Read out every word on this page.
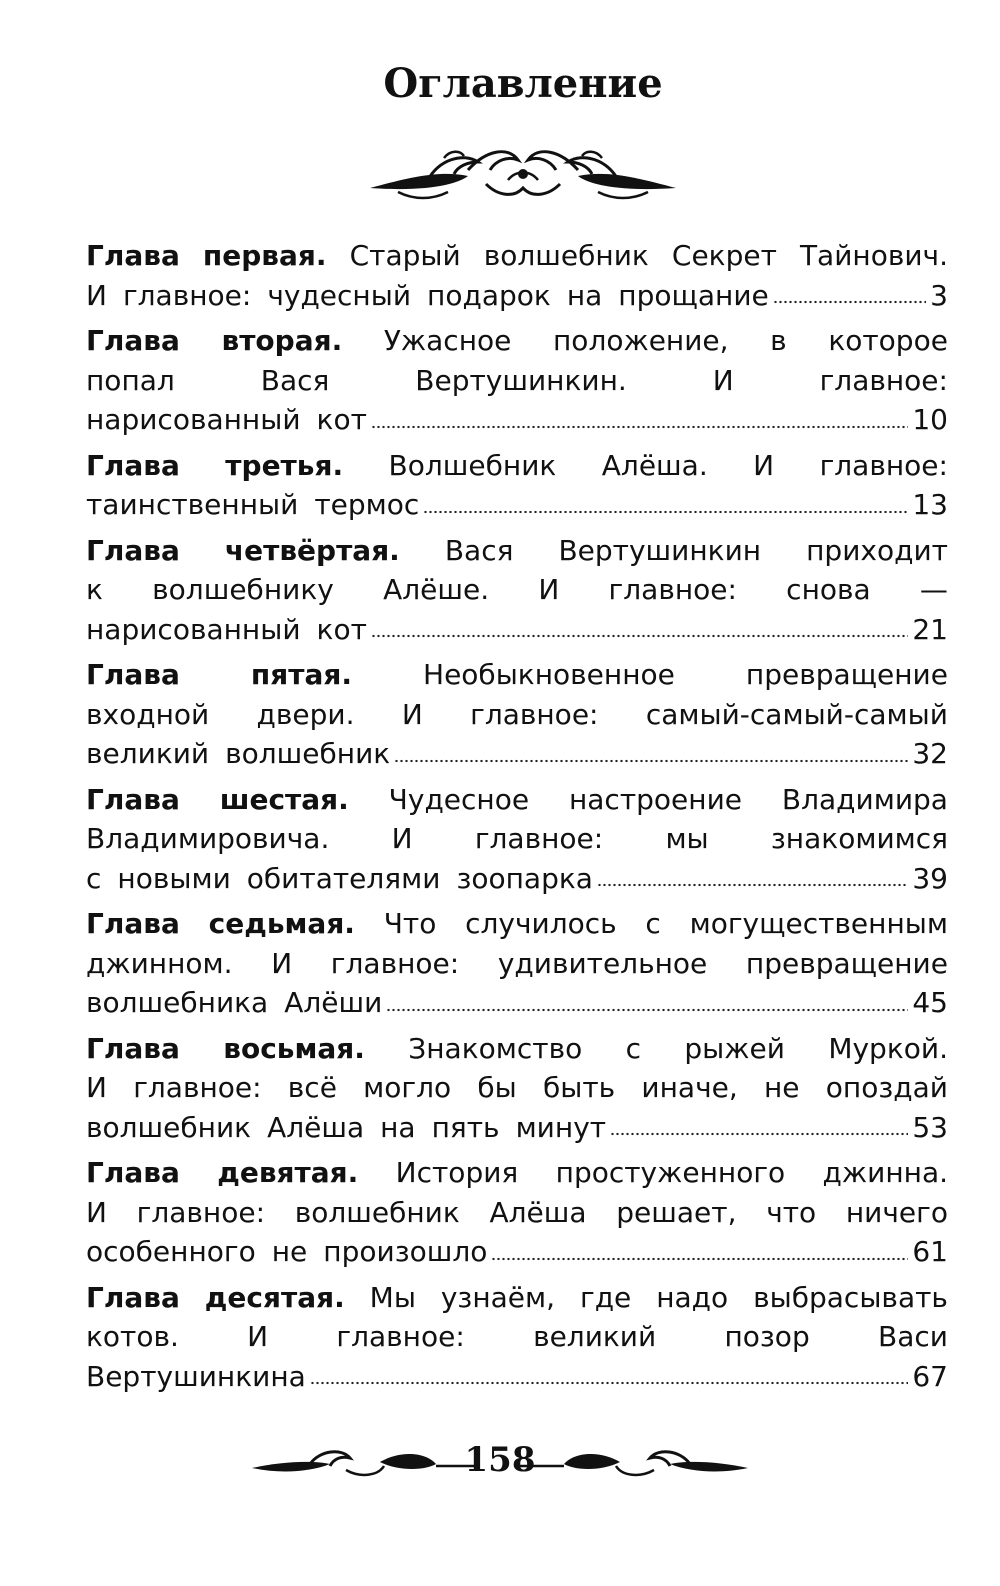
Оглавление
Глава первая. Старый волшебник Секрет Тайнович.
И главное: чудесный подарок на прощание	3
Глава вторая. Ужасное положение, в которое
попал	Вася	Вертушинкин.	И	главное:
нарисованный кот	10
Глава третья. Волшебник Алёша. И главное:
таинственный термос	13
Глава четвёртая. Вася Вертушинкин приходит
к волшебнику Алёше. И главное: снова —
нарисованный кот	21
Глава	пятая.	Необыкновенное	превращение
входной двери. И главное: самый-самый-самый
великий волшебник	32
Глава шестая. Чудесное настроение Владимира
Владимировича. И главное: мы знакомимся
с новыми обитателями зоопарка	39
Глава седьмая. Что случилось с могущественным
джинном. И главное: удивительное превращение
волшебника Алёши	45
Глава восьмая. Знакомство с рыжей Муркой.
И главное: всё могло бы быть иначе, не опоздай
волшебник Алёша на пять минут	53
Глава девятая. История простуженного джинна.
И главное: волшебник Алёша решает, что ничего
особенного не произошло	61
Глава десятая. Мы узнаём, где надо выбрасывать
котов. И главное: великий позор Васи
Вертушинкина	67
158
